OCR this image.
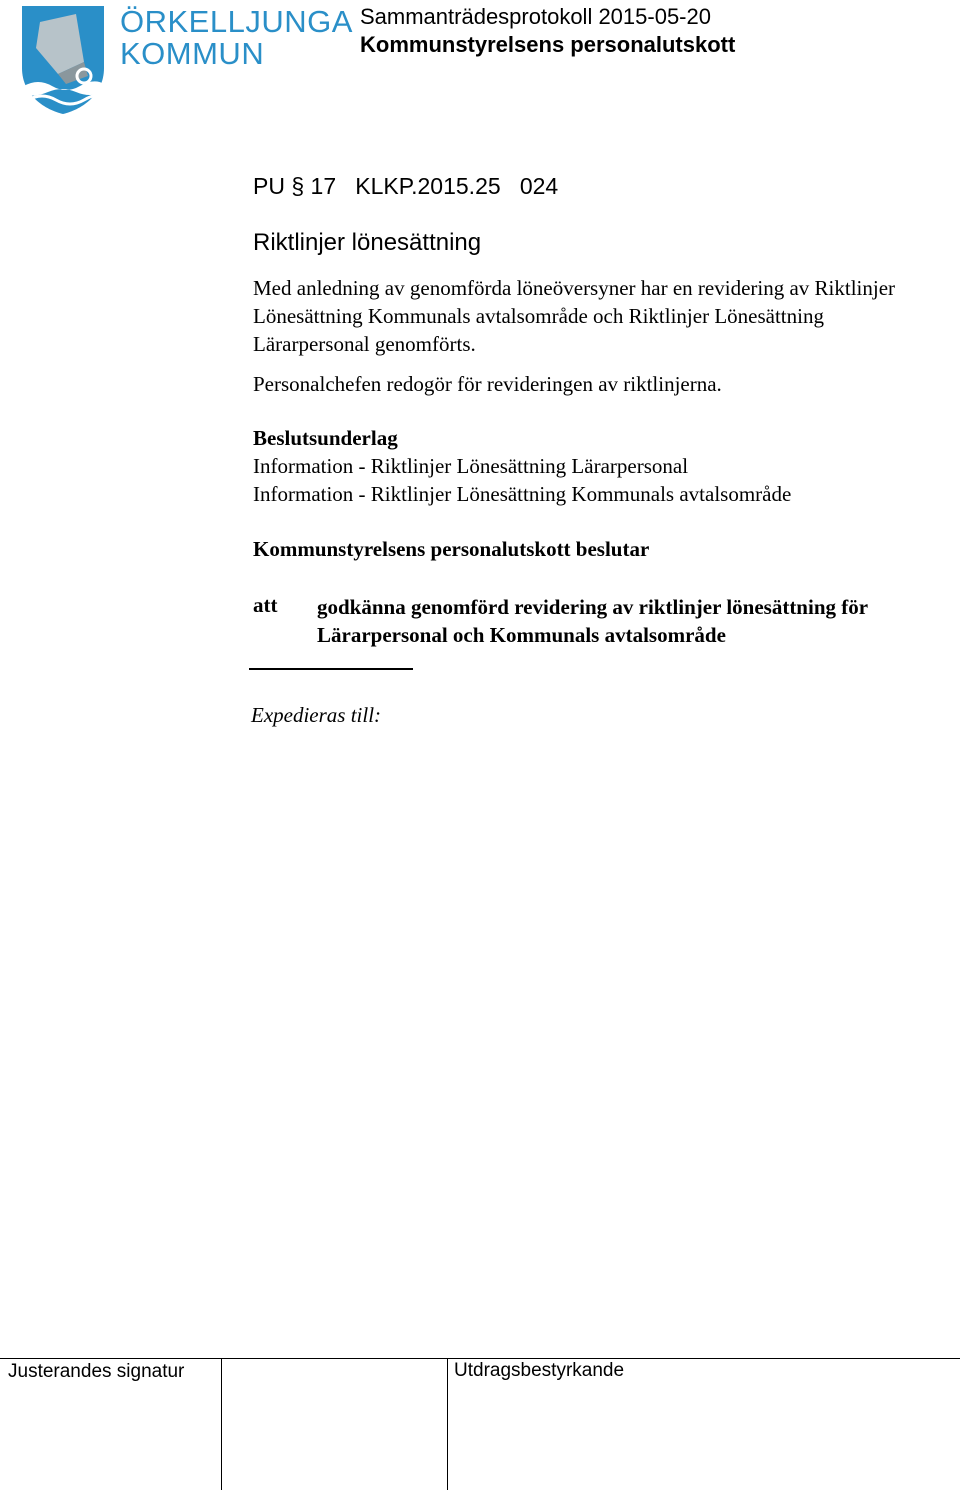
ÖRKELLJUNGA
KOMMUN
Sammanträdesprotokoll 2015-05-20
Kommunstyrelsens personalutskott
PU § 17   KLKP.2015.25   024
Riktlinjer lönesättning
Med anledning av genomförda löneöversyner har en revidering av Riktlinjer Lönesättning Kommunals avtalsområde och Riktlinjer Lönesättning Lärarpersonal genomförts.
Personalchefen redogör för revideringen av riktlinjerna.
Beslutsunderlag
Information - Riktlinjer Lönesättning Lärarpersonal
Information - Riktlinjer Lönesättning Kommunals avtalsområde
Kommunstyrelsens personalutskott beslutar
att godkänna genomförd revidering av riktlinjer lönesättning för Lärarpersonal och Kommunals avtalsområde
Expedieras till:
Justerandes signatur	Utdragsbestyrkande
